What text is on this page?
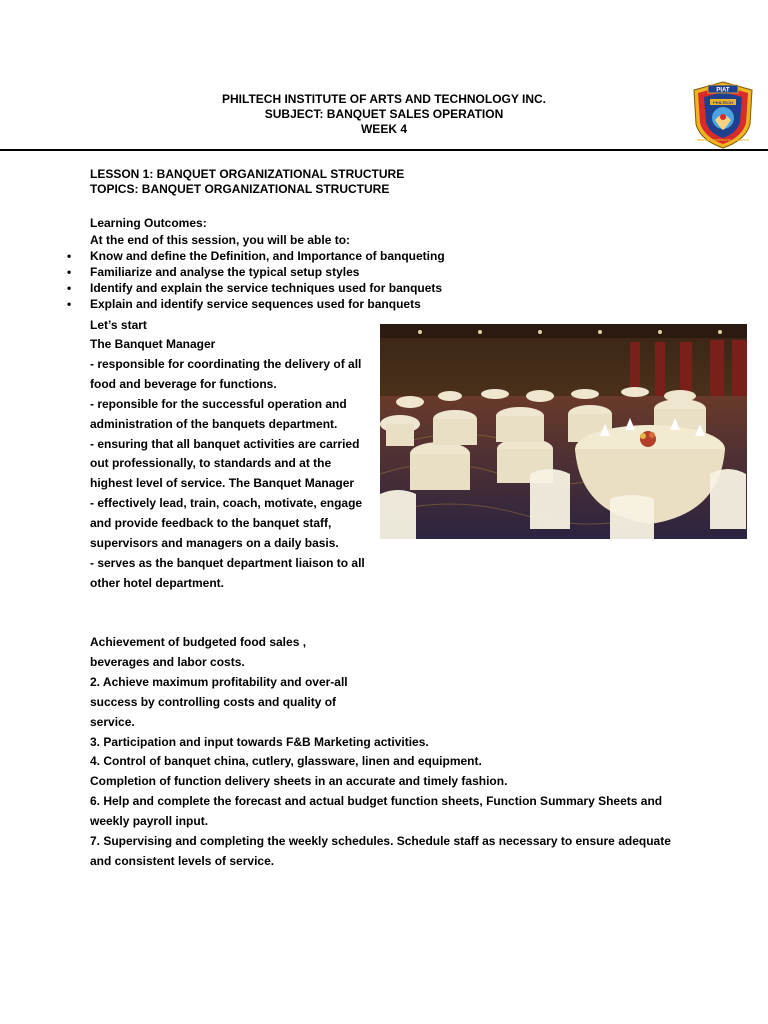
PHILTECH INSTITUTE OF ARTS AND TECHNOLOGY INC.
SUBJECT: BANQUET SALES OPERATION
WEEK 4
PIAT
PHILTECH
PERFIDE . ADSPIRATIO . REBILITAS
LESSON 1: BANQUET ORGANIZATIONAL STRUCTURE
TOPICS: BANQUET ORGANIZATIONAL STRUCTURE
Learning Outcomes:
At the end of this session, you will be able to:
• Know and define the Definition, and Importance of banqueting
• Familiarize and analyse the typical setup styles
• Identify and explain the service techniques used for banquets
• Explain and identify service sequences used for banquets
Let’s start

The Banquet Manager

- responsible for coordinating the delivery of all food and beverage for functions.

- reponsible for the successful operation and administration of the banquets department.

- ensuring that all banquet activities are carried out professionally, to standards and at the highest level of service. The Banquet Manager

- effectively lead, train, coach, motivate, engage and provide feedback to the banquet staff, supervisors and managers on a daily basis.

- serves as the banquet department liaison to all other hotel department.

Achievement of budgeted food sales , beverages and labor costs.

2. Achieve maximum profitability and over-all success by controlling costs and quality of service.

3. Participation and input towards F&B Marketing activities.

4. Control of banquet china, cutlery, glassware, linen and equipment.

Completion of function delivery sheets in an accurate and timely fashion.

6. Help and complete the forecast and actual budget function sheets, Function Summary Sheets and weekly payroll input.

7. Supervising and completing the weekly schedules. Schedule staff as necessary to ensure adequate and consistent levels of service.
